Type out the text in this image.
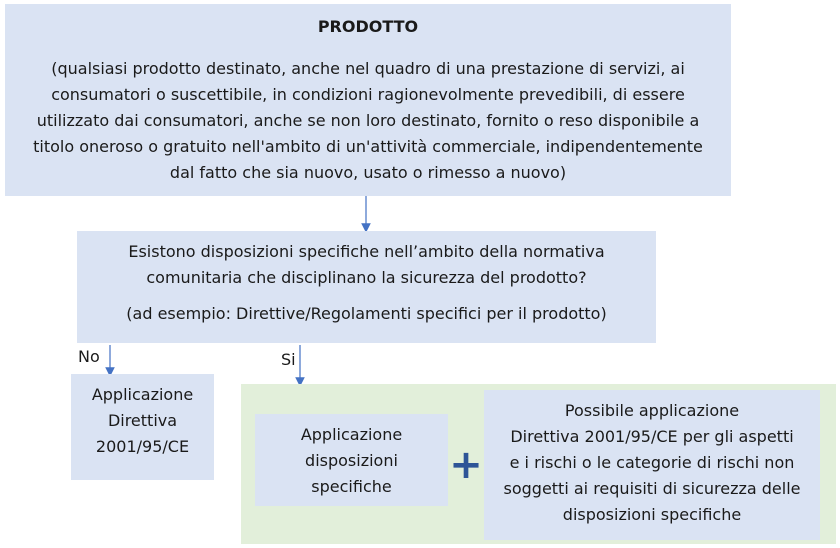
PRODOTTO
(qualsiasi prodotto destinato, anche nel quadro di una prestazione di servizi, ai
consumatori o suscettibile, in condizioni ragionevolmente prevedibili, di essere
utilizzato dai consumatori, anche se non loro destinato, fornito o reso disponibile a
titolo oneroso o gratuito nell'ambito di un'attività commerciale, indipendentemente
dal fatto che sia nuovo, usato o rimesso a nuovo)
Esistono disposizioni specifiche nell’ambito della normativa
comunitaria che disciplinano la sicurezza del prodotto?
(ad esempio: Direttive/Regolamenti specifici per il prodotto)
No	Si
Applicazione
Direttiva
2001/95/CE
Applicazione
disposizioni
specifiche	+
Possibile applicazione
Direttiva 2001/95/CE per gli aspetti
e i rischi o le categorie di rischi non
soggetti ai requisiti di sicurezza delle
disposizioni specifiche
